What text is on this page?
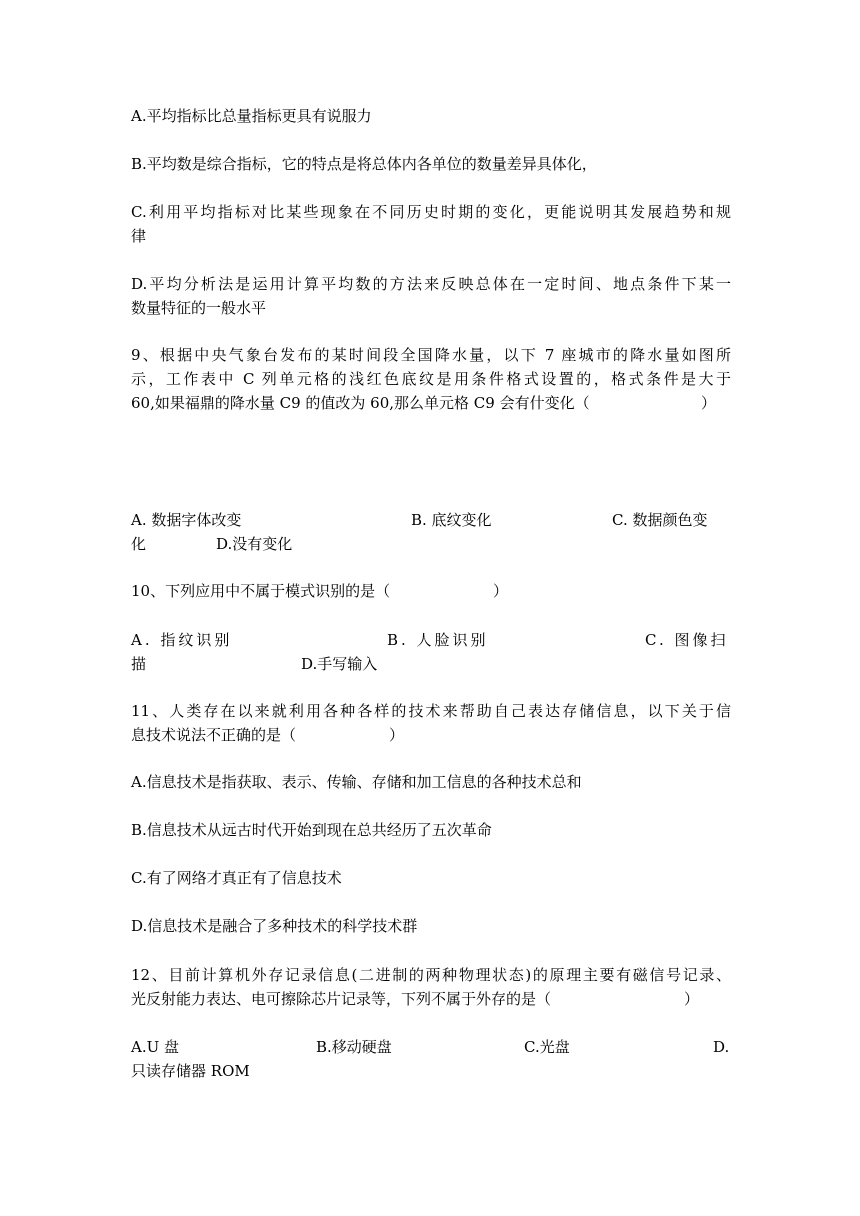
A.平均指标比总量指标更具有说服力
B.平均数是综合指标，它的特点是将总体内各单位的数量差异具体化，
C.利用平均指标对比某些现象在不同历史时期的变化，更能说明其发展趋势和规
律
D.平均分析法是运用计算平均数的方法来反映总体在一定时间、地点条件下某一
数量特征的一般水平
9、根据中央气象台发布的某时间段全国降水量，以下 7 座城市的降水量如图所
示，工作表中 C 列单元格的浅红色底纹是用条件格式设置的，格式条件是大于
60,如果福鼎的降水量 C9 的值改为 60,那么单元格 C9 会有什变化（	）
A. 数据字体改变	B. 底纹变化	C. 数据颜色变
化	D.没有变化
10、下列应用中不属于模式识别的是（	）
A. 指纹识别	B. 人脸识别	C. 图像扫
描	D.手写输入
11、人类存在以来就利用各种各样的技术来帮助自己表达存储信息，以下关于信
息技术说法不正确的是（	）
A.信息技术是指获取、表示、传输、存储和加工信息的各种技术总和
B.信息技术从远古时代开始到现在总共经历了五次革命
C.有了网络才真正有了信息技术
D.信息技术是融合了多种技术的科学技术群
12、目前计算机外存记录信息(二进制的两种物理状态)的原理主要有磁信号记录、
光反射能力表达、电可擦除芯片记录等，下列不属于外存的是（	）
A.U 盘	B.移动硬盘	C.光盘	D.
只读存储器 ROM
